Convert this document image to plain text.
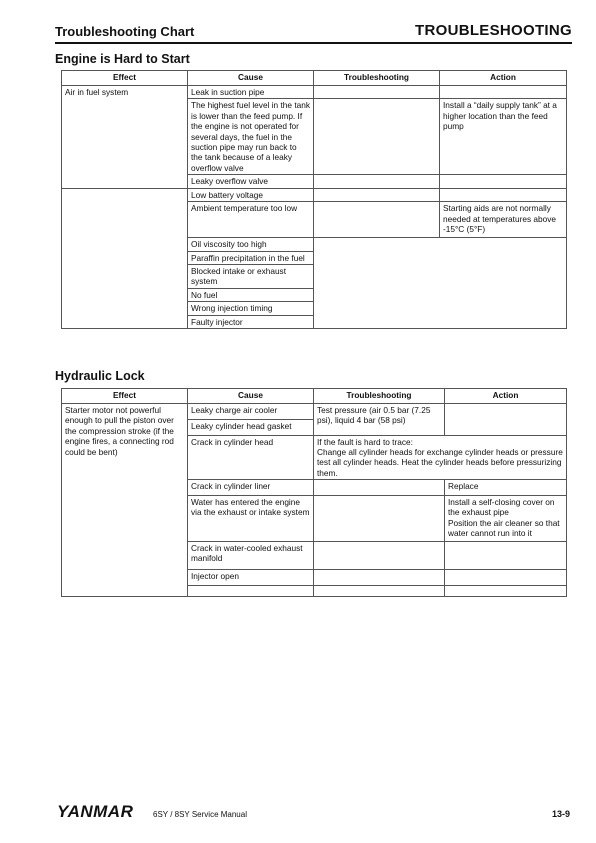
Troubleshooting Chart	TROUBLESHOOTING
Engine is Hard to Start
Effect	Cause	Troubleshooting	Action
Air in fuel system	Leak in suction pipe		
	The highest fuel level in the tank is lower than the feed pump. If the engine is not operated for several days, the fuel in the suction pipe may run back to the tank because of a leaky overflow valve		Install a “daily supply tank” at a higher location than the feed pump
	Leaky overflow valve		
	Low battery voltage		
	Ambient temperature too low		Starting aids are not normally needed at temperatures above -15°C (5°F)
	Oil viscosity too high		
	Paraffin precipitation in the fuel		
	Blocked intake or exhaust system		
	No fuel		
	Wrong injection timing		
	Faulty injector		
Hydraulic Lock
Effect	Cause	Troubleshooting	Action
Starter motor not powerful enough to pull the piston over the compression stroke (if the engine fires, a connecting rod could be bent)	Leaky charge air cooler	Test pressure (air 0.5 bar (7.25 psi), liquid 4 bar (58 psi)	
	Leaky cylinder head gasket		
	Crack in cylinder head	If the fault is hard to trace:
Change all cylinder heads for exchange cylinder heads or pressure test all cylinder heads. Heat the cylinder heads before pressurizing them.	

	Crack in cylinder liner		Replace
	Water has entered the engine via the exhaust or intake system		Install a self-closing cover on the exhaust pipe
Position the air cleaner so that water cannot run into it

	Crack in water-cooled exhaust manifold		
	Injector open		

YANMAR 6SY / 8SY Service Manual	13-9
